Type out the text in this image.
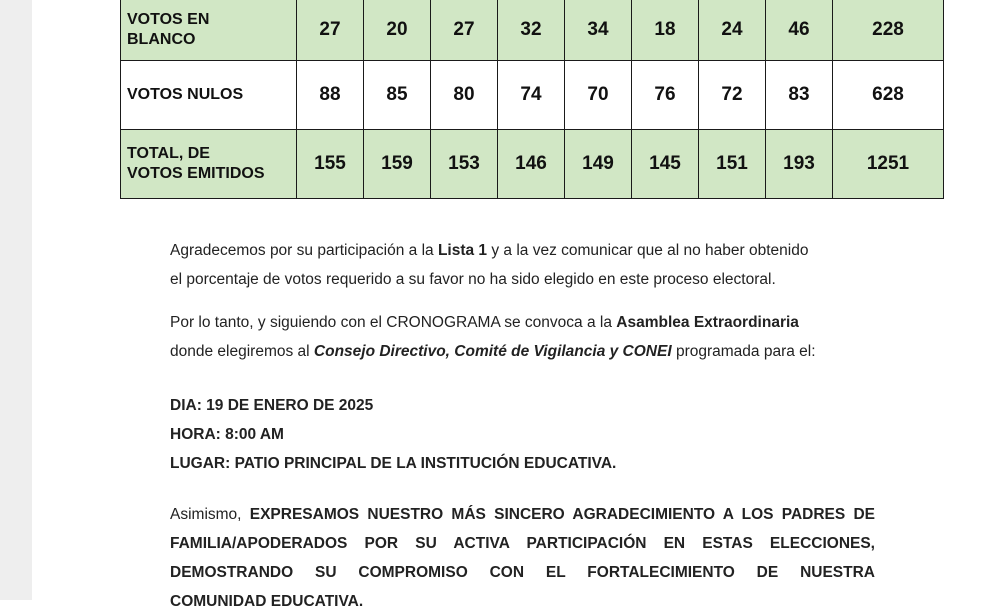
VOTOS EN
BLANCO	27	20	27	32	34	18	24	46	228
VOTOS NULOS	88	85	80	74	70	76	72	83	628
TOTAL, DE
VOTOS EMITIDOS	155	159	153	146	149	145	151	193	1251

Agradecemos por su participación a la Lista 1 y a la vez comunicar que al no haber obtenido

el porcentaje de votos requerido a su favor no ha sido elegido en este proceso electoral.

Por lo tanto, y siguiendo con el CRONOGRAMA se convoca a la Asamblea Extraordinaria

donde elegiremos al Consejo Directivo, Comité de Vigilancia y CONEI programada para el:

DIA: 19 DE ENERO DE 2025

HORA: 8:00 AM

LUGAR: PATIO PRINCIPAL DE LA INSTITUCIÓN EDUCATIVA.

Asimismo, EXPRESAMOS NUESTRO MÁS SINCERO AGRADECIMIENTO A LOS PADRES DE

FAMILIA/APODERADOS POR SU ACTIVA PARTICIPACIÓN EN ESTAS ELECCIONES,

DEMOSTRANDO SU COMPROMISO CON EL FORTALECIMIENTO DE NUESTRA

COMUNIDAD EDUCATIVA.
